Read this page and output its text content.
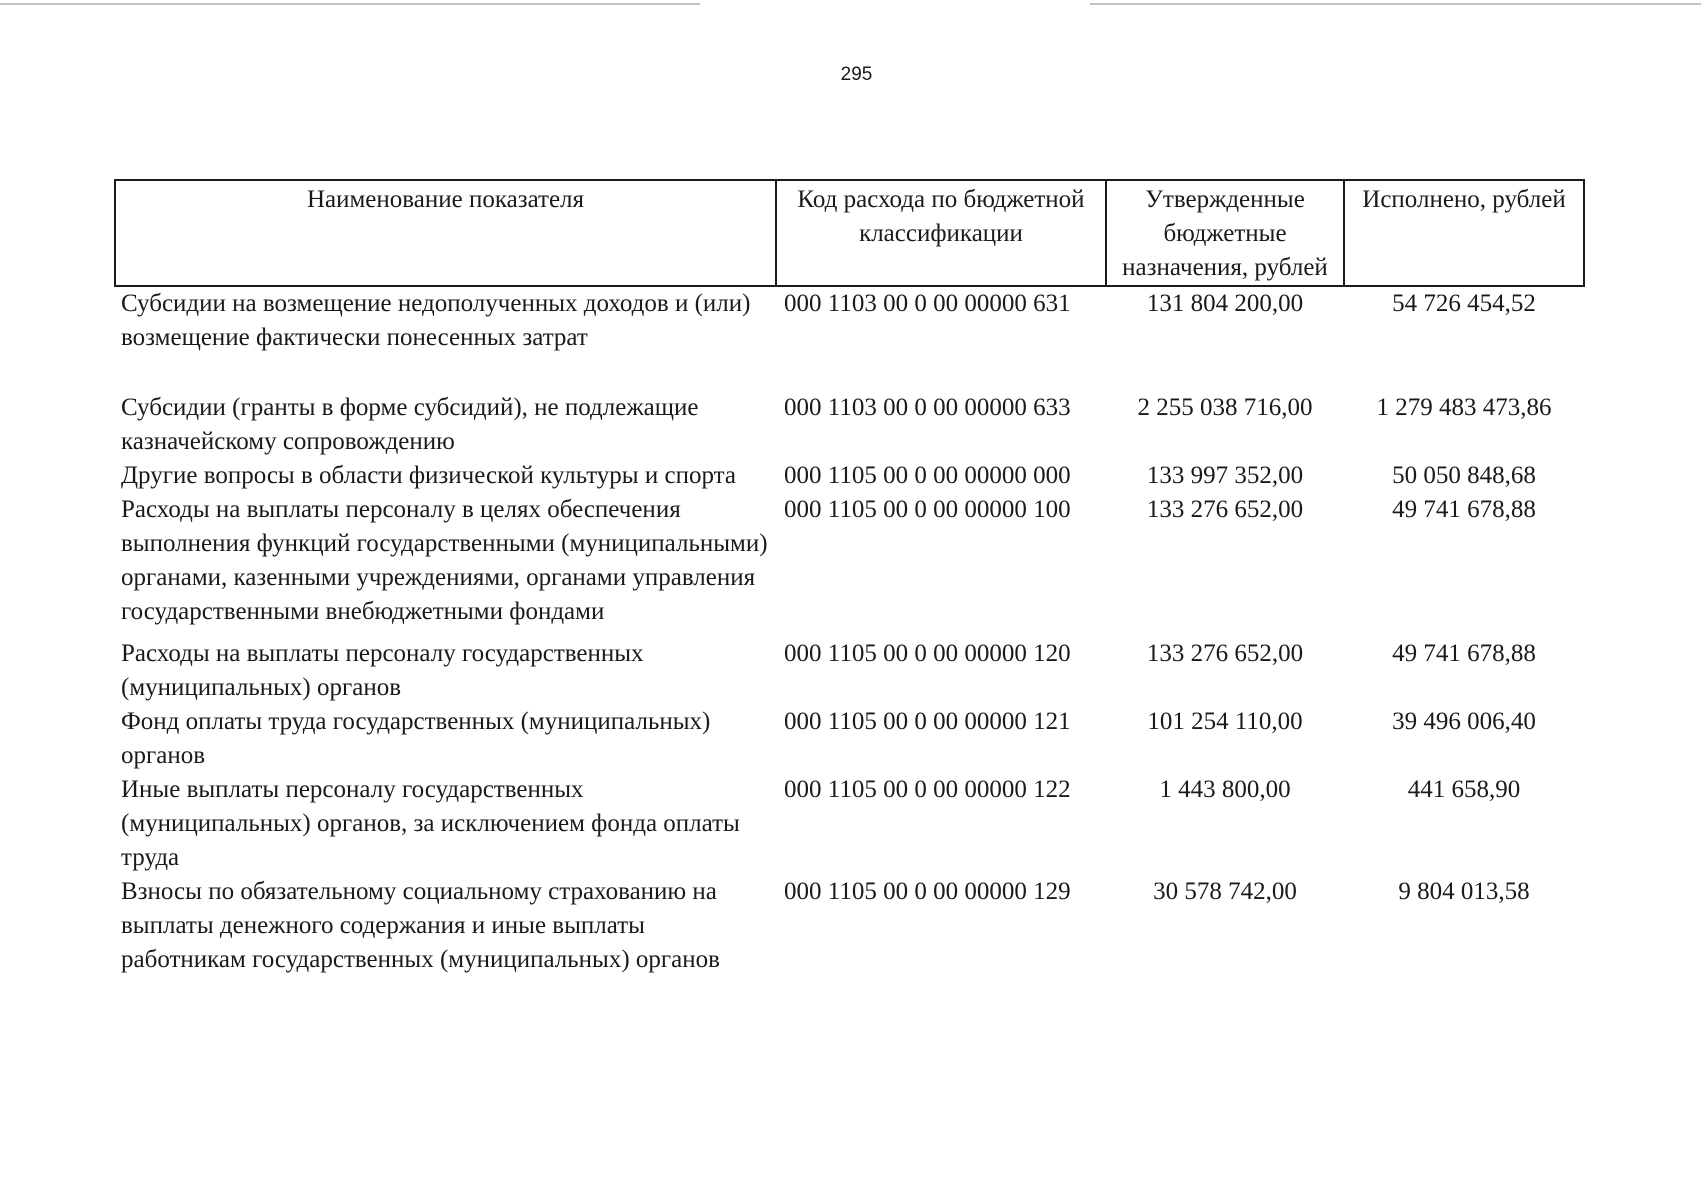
295
Наименование показателя	Код расхода по бюджетной классификации	Утвержденные бюджетные назначения, рублей	Исполнено, рублей
Субсидии на возмещение недополученных доходов и (или) возмещение фактически понесенных затрат	000 1103 00 0 00 00000 631	131 804 200,00	54 726 454,52
Субсидии (гранты в форме субсидий), не подлежащие казначейскому сопровождению	000 1103 00 0 00 00000 633	2 255 038 716,00	1 279 483 473,86
Другие вопросы в области физической культуры и спорта	000 1105 00 0 00 00000 000	133 997 352,00	50 050 848,68
Расходы на выплаты персоналу в целях обеспечения выполнения функций государственными (муниципальными) органами, казенными учреждениями, органами управления государственными внебюджетными фондами	000 1105 00 0 00 00000 100	133 276 652,00	49 741 678,88
Расходы на выплаты персоналу государственных (муниципальных) органов	000 1105 00 0 00 00000 120	133 276 652,00	49 741 678,88
Фонд оплаты труда государственных (муниципальных) органов	000 1105 00 0 00 00000 121	101 254 110,00	39 496 006,40
Иные выплаты персоналу государственных (муниципальных) органов, за исключением фонда оплаты труда	000 1105 00 0 00 00000 122	1 443 800,00	441 658,90
Взносы по обязательному социальному страхованию на выплаты денежного содержания и иные выплаты работникам государственных (муниципальных) органов	000 1105 00 0 00 00000 129	30 578 742,00	9 804 013,58
